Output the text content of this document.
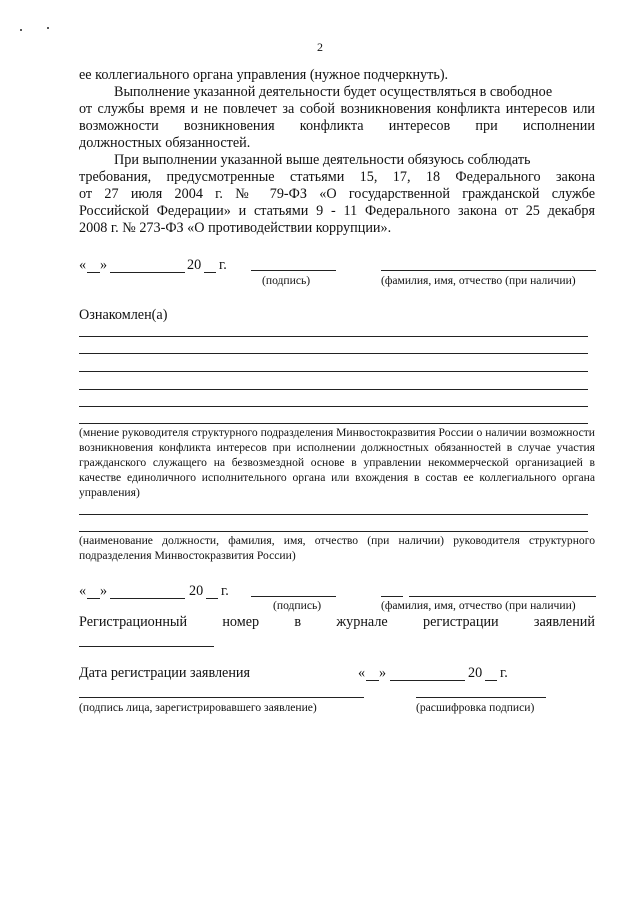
2
ее коллегиального органа управления (нужное подчеркнуть).
Выполнение указанной деятельности будет осуществляться в свободное
от службы время и не повлечет за собой возникновения конфликта интересов или
возможности возникновения конфликта интересов при исполнении
должностных обязанностей.
При выполнении указанной выше деятельности обязуюсь соблюдать
требования, предусмотренные статьями 15, 17, 18 Федерального закона
от 27 июля 2004 г. № 79-ФЗ «О государственной гражданской службе
Российской Федерации» и статьями 9 - 11 Федерального закона от 25 декабря
2008 г. № 273-ФЗ «О противодействии коррупции».
« »	20 г.
(подпись)	(фамилия, имя, отчество (при наличии)
Ознакомлен(а)
(мнение руководителя структурного подразделения Минвостокразвития России о наличии возможности возникновения конфликта интересов при исполнении должностных обязанностей в случае участия гражданского служащего на безвозмездной основе в управлении некоммерческой организацией в качестве единоличного исполнительного органа или вхождения в состав ее коллегиального органа управления)
(наименование должности, фамилия, имя, отчество (при наличии) руководителя структурного подразделения Минвостокразвития России)
« »	20 г.
(подпись)	(фамилия, имя, отчество (при наличии)
Регистрационный номер в журнале регистрации заявлений
Дата регистрации заявления	« »	20 г.
(подпись лица, зарегистрировавшего заявление)	(расшифровка подписи)
